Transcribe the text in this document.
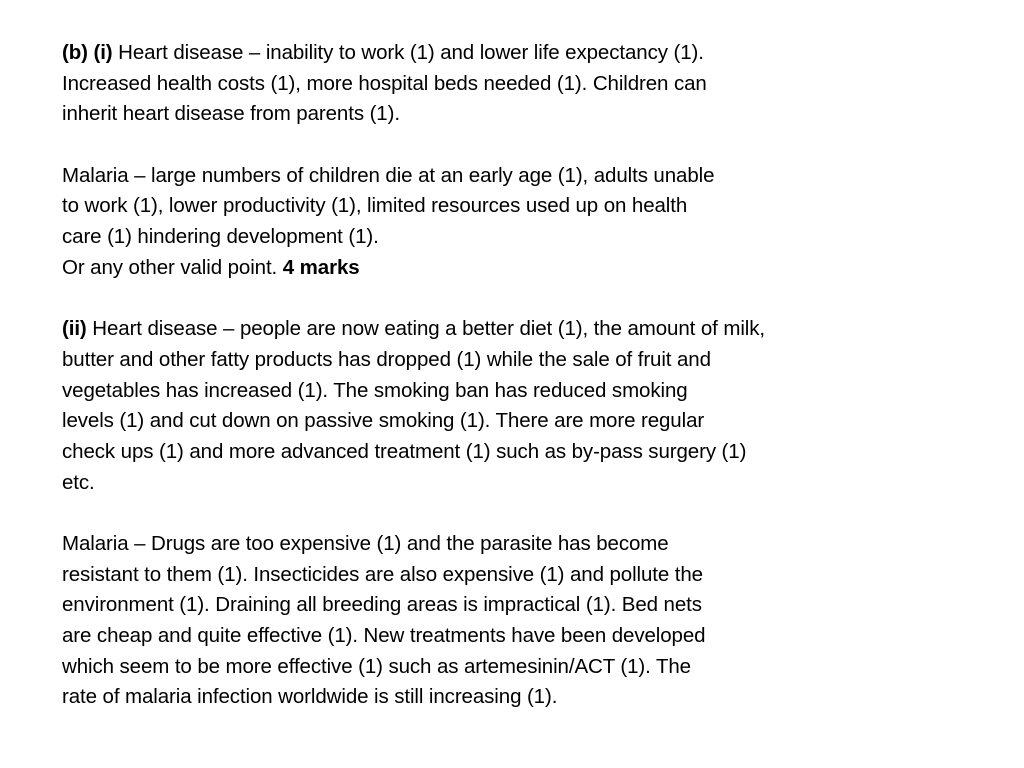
(b) (i) Heart disease – inability to work (1) and lower life expectancy (1).
Increased health costs (1), more hospital beds needed (1). Children can
inherit heart disease from parents (1).
Malaria – large numbers of children die at an early age (1), adults unable
to work (1), lower productivity (1), limited resources used up on health
care (1) hindering development (1).
Or any other valid point. 4 marks
(ii) Heart disease – people are now eating a better diet (1), the amount of milk,
butter and other fatty products has dropped (1) while the sale of fruit and
vegetables has increased (1). The smoking ban has reduced smoking
levels (1) and cut down on passive smoking (1). There are more regular
check ups (1) and more advanced treatment (1) such as by-pass surgery (1)
etc.
Malaria – Drugs are too expensive (1) and the parasite has become
resistant to them (1). Insecticides are also expensive (1) and pollute the
environment (1). Draining all breeding areas is impractical (1). Bed nets
are cheap and quite effective (1). New treatments have been developed
which seem to be more effective (1) such as artemesinin/ACT (1). The
rate of malaria infection worldwide is still increasing (1).
